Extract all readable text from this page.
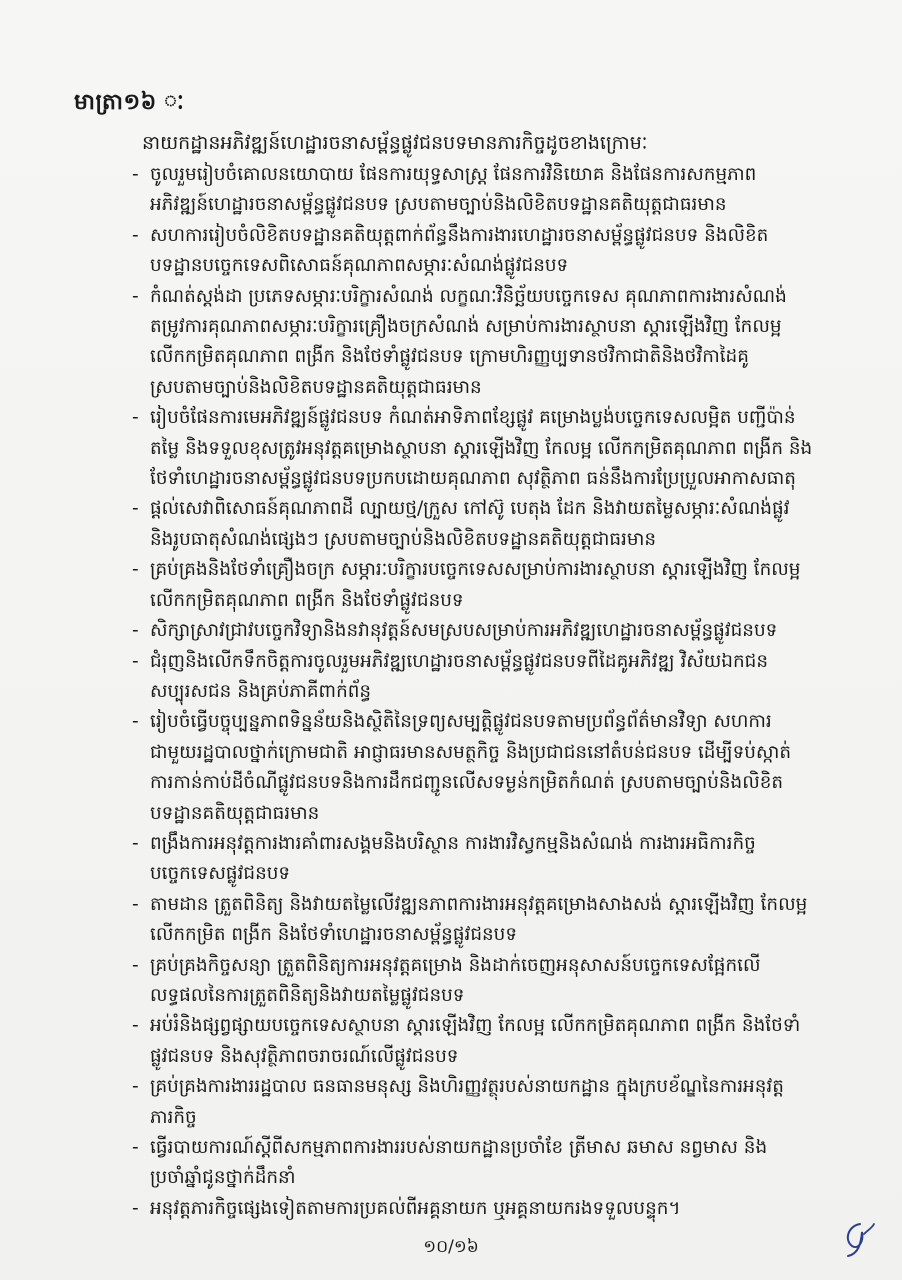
មាត្រា១៦ ៈ
នាយកដ្ឋានអភិវឌ្ឍន៍ហេដ្ឋារចនាសម្ព័ន្ធផ្លូវជនបទមានភារកិច្ចដូចខាងក្រោមៈ
- ចូលរួមរៀបចំគោលនយោបាយ ផែនការយុទ្ធសាស្ត្រ ផែនការវិនិយោគ និងផែនការសកម្មភាព
អភិវឌ្ឍន៍ហេដ្ឋារចនាសម្ព័ន្ធផ្លូវជនបទ ស្របតាមច្បាប់និងលិខិតបទដ្ឋានគតិយុត្តជាធរមាន
- សហការរៀបចំលិខិតបទដ្ឋានគតិយុត្តពាក់ព័ន្ធនឹងការងារហេដ្ឋារចនាសម្ព័ន្ធផ្លូវជនបទ និងលិខិត
បទដ្ឋានបច្ចេកទេសពិសោធន៍គុណភាពសម្ភារៈសំណង់ផ្លូវជនបទ
- កំណត់ស្តង់ដា ប្រភេទសម្ភារៈបរិក្ខារសំណង់ លក្ខណៈវិនិច្ឆ័យបច្ចេកទេស គុណភាពការងារសំណង់
តម្រូវការគុណភាពសម្ភារៈបរិក្ខារគ្រឿងចក្រសំណង់ សម្រាប់ការងារស្ថាបនា ស្តារឡើងវិញ កែលម្អ
លើកកម្រិតគុណភាព ពង្រីក និងថែទាំផ្លូវជនបទ ក្រោមហិរញ្ញប្បទានថវិកាជាតិនិងថវិកាដៃគូ
ស្របតាមច្បាប់និងលិខិតបទដ្ឋានគតិយុត្តជាធរមាន
- រៀបចំផែនការមេអភិវឌ្ឍន៍ផ្លូវជនបទ កំណត់អាទិភាពខ្សែផ្លូវ គម្រោងប្លង់បច្ចេកទេសលម្អិត បញ្ជីប៉ាន់
តម្លៃ និងទទួលខុសត្រូវអនុវត្តគម្រោងស្ថាបនា ស្តារឡើងវិញ កែលម្អ លើកកម្រិតគុណភាព ពង្រីក និង
ថែទាំហេដ្ឋារចនាសម្ព័ន្ធផ្លូវជនបទប្រកបដោយគុណភាព សុវត្ថិភាព ធន់នឹងការប្រែប្រួលអាកាសធាតុ
- ផ្តល់សេវាពិសោធន៍គុណភាពដី ល្បាយថ្ម/ក្រួស កៅស៊ូ បេតុង ដែក និងវាយតម្លៃសម្ភារៈសំណង់ផ្លូវ
និងរូបធាតុសំណង់ផ្សេងៗ ស្របតាមច្បាប់និងលិខិតបទដ្ឋានគតិយុត្តជាធរមាន
- គ្រប់គ្រងនិងថែទាំគ្រឿងចក្រ សម្ភារៈបរិក្ខារបច្ចេកទេសសម្រាប់ការងារស្ថាបនា ស្តារឡើងវិញ កែលម្អ
លើកកម្រិតគុណភាព ពង្រីក និងថែទាំផ្លូវជនបទ
- សិក្សាស្រាវជ្រាវបច្ចេកវិទ្យានិងនវានុវត្តន៍សមស្របសម្រាប់ការអភិវឌ្ឍហេដ្ឋារចនាសម្ព័ន្ធផ្លូវជនបទ
- ជំរុញនិងលើកទឹកចិត្តការចូលរួមអភិវឌ្ឍហេដ្ឋារចនាសម្ព័ន្ធផ្លូវជនបទពីដៃគូអភិវឌ្ឍ វិស័យឯកជន
សប្បុរសជន និងគ្រប់ភាគីពាក់ព័ន្ធ
- រៀបចំធ្វើបច្ចុប្បន្នភាពទិន្នន័យនិងស្ថិតិនៃទ្រព្យសម្បត្តិផ្លូវជនបទតាមប្រព័ន្ធព័ត៌មានវិទ្យា សហការ
ជាមួយរដ្ឋបាលថ្នាក់ក្រោមជាតិ អាជ្ញាធរមានសមត្ថកិច្ច និងប្រជាជននៅតំបន់ជនបទ ដើម្បីទប់ស្កាត់
ការកាន់កាប់ដីចំណីផ្លូវជនបទនិងការដឹកជញ្ជូនលើសទម្ងន់កម្រិតកំណត់ ស្របតាមច្បាប់និងលិខិត
បទដ្ឋានគតិយុត្តជាធរមាន
- ពង្រឹងការអនុវត្តការងារគាំពារសង្គមនិងបរិស្ថាន ការងារវិស្វកម្មនិងសំណង់ ការងារអធិការកិច្ច
បច្ចេកទេសផ្លូវជនបទ
- តាមដាន ត្រួតពិនិត្យ និងវាយតម្លៃលើវឌ្ឍនភាពការងារអនុវត្តគម្រោងសាងសង់ ស្តារឡើងវិញ កែលម្អ
លើកកម្រិត ពង្រីក និងថែទាំហេដ្ឋារចនាសម្ព័ន្ធផ្លូវជនបទ
- គ្រប់គ្រងកិច្ចសន្យា ត្រួតពិនិត្យការអនុវត្តគម្រោង និងដាក់ចេញអនុសាសន៍បច្ចេកទេសផ្អែកលើ
លទ្ធផលនៃការត្រួតពិនិត្យនិងវាយតម្លៃផ្លូវជនបទ
- អប់រំនិងផ្សព្វផ្សាយបច្ចេកទេសស្ថាបនា ស្តារឡើងវិញ កែលម្អ លើកកម្រិតគុណភាព ពង្រីក និងថែទាំ
ផ្លូវជនបទ និងសុវត្ថិភាពចរាចរណ៍លើផ្លូវជនបទ
- គ្រប់គ្រងការងាររដ្ឋបាល ធនធានមនុស្ស និងហិរញ្ញវត្ថុរបស់នាយកដ្ឋាន ក្នុងក្របខ័ណ្ឌនៃការអនុវត្ត
ភារកិច្ច
- ធ្វើរបាយការណ៍ស្តីពីសកម្មភាពការងាររបស់នាយកដ្ឋានប្រចាំខែ ត្រីមាស ឆមាស នព្វមាស និង
ប្រចាំឆ្នាំជូនថ្នាក់ដឹកនាំ
- អនុវត្តភារកិច្ចផ្សេងទៀតតាមការប្រគល់ពីអគ្គនាយក ឬអគ្គនាយករងទទួលបន្ទុក។
១០/១៦
